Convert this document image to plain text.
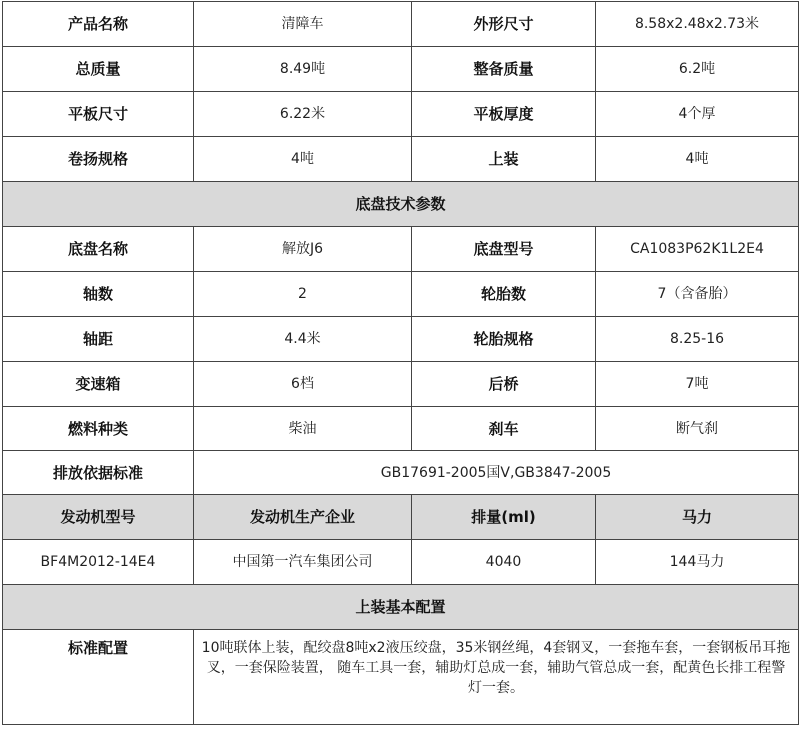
产品名称	清障车	外形尺寸	8.58x2.48x2.73米
总质量	8.49吨	整备质量	6.2吨
平板尺寸	6.22米	平板厚度	4个厚
卷扬规格	4吨	上装	4吨
底盘技术参数			
底盘名称	解放J6	底盘型号	CA1083P62K1L2E4
轴数	2	轮胎数	7（含备胎）
轴距	4.4米	轮胎规格	8.25-16
变速箱	6档	后桥	7吨
燃料种类	柴油	刹车	断气刹
排放依据标准	GB17691-2005国Ⅴ,GB3847-2005		
发动机型号	发动机生产企业	排量(ml)	马力
BF4M2012-14E4	中国第一汽车集团公司	4040	144马力
上装基本配置			
标准配置	10吨联体上装，配绞盘8吨x2液压绞盘，35米钢丝绳，4套钢叉，一套拖车套，一套钢板吊耳拖叉，一套保险装置， 随车工具一套，辅助灯总成一套，辅助气管总成一套，配黄色长排工程警灯一套。		
